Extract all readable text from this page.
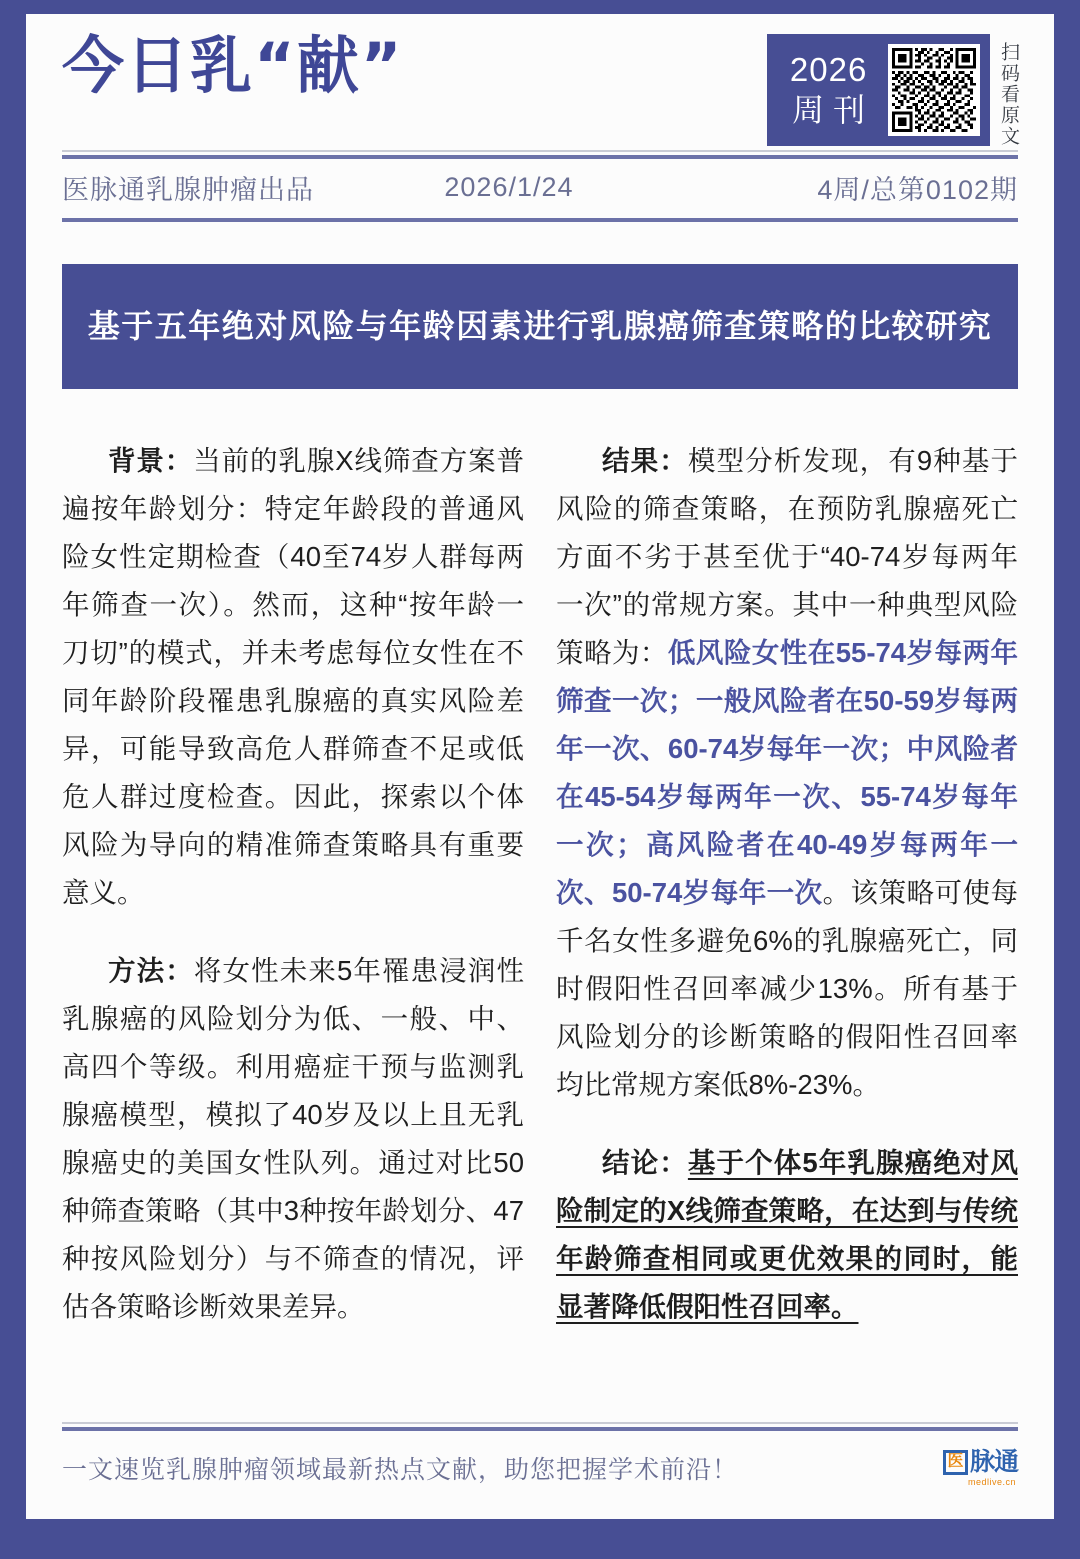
今日乳“献”	2026
周刊	扫码看原文
医脉通乳腺肿瘤出品	2026/1/24	4周/总第0102期
基于五年绝对风险与年龄因素进行乳腺癌筛查策略的比较研究

背景：当前的乳腺X线筛查方案普遍按年龄划分：特定年龄段的普通风险女性定期检查（40至74岁人群每两年筛查一次）。然而，这种“按年龄一刀切”的模式，并未考虑每位女性在不同年龄阶段罹患乳腺癌的真实风险差异，可能导致高危人群筛查不足或低危人群过度检查。因此，探索以个体风险为导向的精准筛查策略具有重要意义。

方法：将女性未来5年罹患浸润性乳腺癌的风险划分为低、一般、中、高四个等级。利用癌症干预与监测乳腺癌模型，模拟了40岁及以上且无乳腺癌史的美国女性队列。通过对比50种筛查策略（其中3种按年龄划分、47种按风险划分）与不筛查的情况，评估各策略诊断效果差异。

结果：模型分析发现，有9种基于风险的筛查策略，在预防乳腺癌死亡方面不劣于甚至优于“40-74岁每两年一次”的常规方案。其中一种典型风险策略为：低风险女性在55-74岁每两年筛查一次；一般风险者在50-59岁每两年一次、60-74岁每年一次；中风险者在45-54岁每两年一次、55-74岁每年一次；高风险者在40-49岁每两年一次、50-74岁每年一次。该策略可使每千名女性多避免6%的乳腺癌死亡，同时假阳性召回率减少13%。所有基于风险划分的诊断策略的假阳性召回率均比常规方案低8%-23%。

结论：基于个体5年乳腺癌绝对风险制定的X线筛查策略，在达到与传统年龄筛查相同或更优效果的同时，能显著降低假阳性召回率。

一文速览乳腺肿瘤领域最新热点文献，助您把握学术前沿！	医 脉通
medlive.cn
